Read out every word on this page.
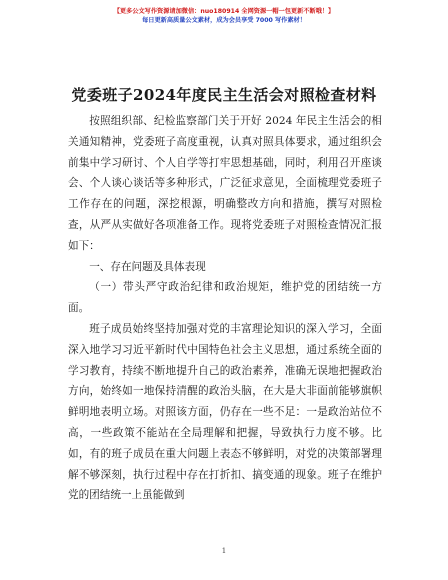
【更多公文写作资源请加微信：nuo180914 全网资源一帽一包更新不断哦！】
每日更新高质量公文素材，成为会员享受 7000 写作素材！
党委班子2024年度民主生活会对照检查材料

按照组织部、纪检监察部门关于开好 2024 年民主生活会的相关通知精神，党委班子高度重视，认真对照具体要求，通过组织会前集中学习研讨、个人自学等打牢思想基础，同时，利用召开座谈会、个人谈心谈话等多种形式，广泛征求意见，全面梳理党委班子工作存在的问题，深挖根源，明确整改方向和措施，撰写对照检查，从严从实做好各项准备工作。现将党委班子对照检查情况汇报如下：

一、存在问题及具体表现

（一）带头严守政治纪律和政治规矩，维护党的团结统一方面。

班子成员始终坚持加强对党的丰富理论知识的深入学习，全面深入地学习习近平新时代中国特色社会主义思想，通过系统全面的学习教育，持续不断地提升自己的政治素养，准确无误地把握政治方向，始终如一地保持清醒的政治头脑，在大是大非面前能够旗帜鲜明地表明立场。对照该方面，仍存在一些不足：一是政治站位不高，一些政策不能站在全局理解和把握，导致执行力度不够。比如，有的班子成员在重大问题上表态不够鲜明，对党的决策部署理解不够深刻，执行过程中存在打折扣、搞变通的现象。班子在维护党的团结统一上虽能做到

1
